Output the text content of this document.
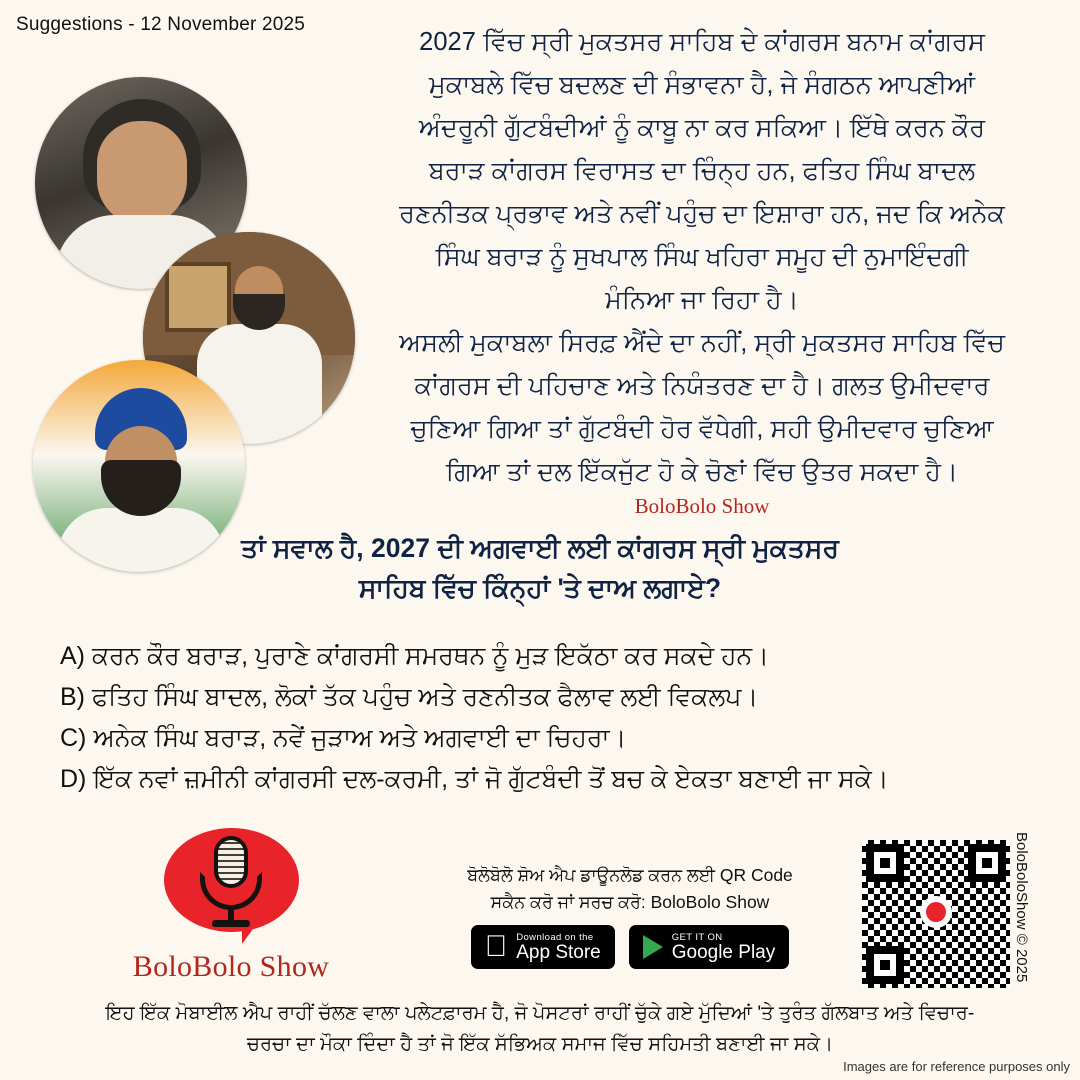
Suggestions - 12 November 2025

2027 ਵਿੱਚ ਸ੍ਰੀ ਮੁਕਤਸਰ ਸਾਹਿਬ ਦੇ ਕਾਂਗਰਸ ਬਨਾਮ ਕਾਂਗਰਸ

ਮੁਕਾਬਲੇ ਵਿੱਚ ਬਦਲਣ ਦੀ ਸੰਭਾਵਨਾ ਹੈ, ਜੇ ਸੰਗਠਨ ਆਪਣੀਆਂ

ਅੰਦਰੂਨੀ ਗੁੱਟਬੰਦੀਆਂ ਨੂੰ ਕਾਬੂ ਨਾ ਕਰ ਸਕਿਆ। ਇੱਥੇ ਕਰਨ ਕੌਰ

ਬਰਾੜ ਕਾਂਗਰਸ ਵਿਰਾਸਤ ਦਾ ਚਿੰਨ੍ਹ ਹਨ, ਫਤਿਹ ਸਿੰਘ ਬਾਦਲ

ਰਣਨੀਤਕ ਪ੍ਰਭਾਵ ਅਤੇ ਨਵੀਂ ਪਹੁੰਚ ਦਾ ਇਸ਼ਾਰਾ ਹਨ, ਜਦ ਕਿ ਅਨੇਕ

ਸਿੰਘ ਬਰਾੜ ਨੂੰ ਸੁਖਪਾਲ ਸਿੰਘ ਖਹਿਰਾ ਸਮੂਹ ਦੀ ਨੁਮਾਇੰਦਗੀ

ਮੰਨਿਆ ਜਾ ਰਿਹਾ ਹੈ।

ਅਸਲੀ ਮੁਕਾਬਲਾ ਸਿਰਫ਼ ਐਂਦੇ ਦਾ ਨਹੀਂ, ਸ੍ਰੀ ਮੁਕਤਸਰ ਸਾਹਿਬ ਵਿੱਚ

ਕਾਂਗਰਸ ਦੀ ਪਹਿਚਾਣ ਅਤੇ ਨਿਯੰਤਰਣ ਦਾ ਹੈ। ਗਲਤ ਉਮੀਦਵਾਰ

ਚੁਣਿਆ ਗਿਆ ਤਾਂ ਗੁੱਟਬੰਦੀ ਹੋਰ ਵੱਧੇਗੀ, ਸਹੀ ਉਮੀਦਵਾਰ ਚੁਣਿਆ

ਗਿਆ ਤਾਂ ਦਲ ਇੱਕਜੁੱਟ ਹੋ ਕੇ ਚੋਣਾਂ ਵਿੱਚ ਉਤਰ ਸਕਦਾ ਹੈ।

BoloBolo Show
ਤਾਂ ਸਵਾਲ ਹੈ, 2027 ਦੀ ਅਗਵਾਈ ਲਈ ਕਾਂਗਰਸ ਸ੍ਰੀ ਮੁਕਤਸਰ
ਸਾਹਿਬ ਵਿੱਚ ਕਿੰਨ੍ਹਾਂ 'ਤੇ ਦਾਅ ਲਗਾਏ?
A) ਕਰਨ ਕੌਰ ਬਰਾੜ, ਪੁਰਾਣੇ ਕਾਂਗਰਸੀ ਸਮਰਥਨ ਨੂੰ ਮੁੜ ਇਕੱਠਾ ਕਰ ਸਕਦੇ ਹਨ।
B) ਫਤਿਹ ਸਿੰਘ ਬਾਦਲ, ਲੋਕਾਂ ਤੱਕ ਪਹੁੰਚ ਅਤੇ ਰਣਨੀਤਕ ਫੈਲਾਵ ਲਈ ਵਿਕਲਪ।
C) ਅਨੇਕ ਸਿੰਘ ਬਰਾੜ, ਨਵੇਂ ਜੁੜਾਅ ਅਤੇ ਅਗਵਾਈ ਦਾ ਚਿਹਰਾ।
D) ਇੱਕ ਨਵਾਂ ਜ਼ਮੀਨੀ ਕਾਂਗਰਸੀ ਦਲ-ਕਰਮੀ, ਤਾਂ ਜੋ ਗੁੱਟਬੰਦੀ ਤੋਂ ਬਚ ਕੇ ਏਕਤਾ ਬਣਾਈ ਜਾ ਸਕੇ।
BoloBolo Show
ਬੋਲੋਬੋਲੋ ਸ਼ੋਅ ਐਪ ਡਾਊਨਲੋਡ ਕਰਨ ਲਈ QR Code
ਸਕੈਨ ਕਰੋ ਜਾਂ ਸਰਚ ਕਰੋ: BoloBolo Show
Download on the
App Store
GET IT ON
Google Play	BoloBoloShow © 2025
ਇਹ ਇੱਕ ਮੋਬਾਈਲ ਐਪ ਰਾਹੀਂ ਚੱਲਣ ਵਾਲਾ ਪਲੇਟਫ਼ਾਰਮ ਹੈ, ਜੋ ਪੋਸਟਰਾਂ ਰਾਹੀਂ ਚੁੱਕੇ ਗਏ ਮੁੱਦਿਆਂ 'ਤੇ ਤੁਰੰਤ ਗੱਲਬਾਤ ਅਤੇ ਵਿਚਾਰ-
ਚਰਚਾ ਦਾ ਮੌਕਾ ਦਿੰਦਾ ਹੈ ਤਾਂ ਜੋ ਇੱਕ ਸੱਭਿਅਕ ਸਮਾਜ ਵਿੱਚ ਸਹਿਮਤੀ ਬਣਾਈ ਜਾ ਸਕੇ।
Images are for reference purposes only
